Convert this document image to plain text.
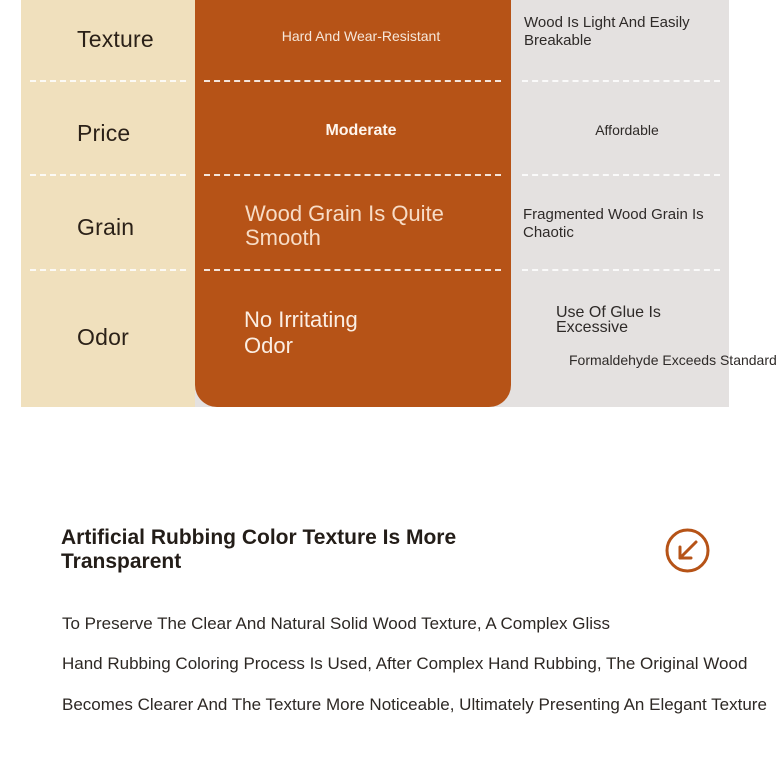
Texture
Price
Grain
Odor
Hard And Wear-Resistant
Moderate
Wood Grain Is Quite Smooth
No Irritating Odor
Wood Is Light And Easily Breakable
Affordable
Fragmented Wood Grain Is Chaotic
Use Of Glue Is Excessive
Formaldehyde Exceeds Standard
Artificial Rubbing Color Texture Is More Transparent
To Preserve The Clear And Natural Solid Wood Texture, A Complex Gliss
Hand Rubbing Coloring Process Is Used, After Complex Hand Rubbing, The Original Wood
Becomes Clearer And The Texture More Noticeable, Ultimately Presenting An Elegant Texture
